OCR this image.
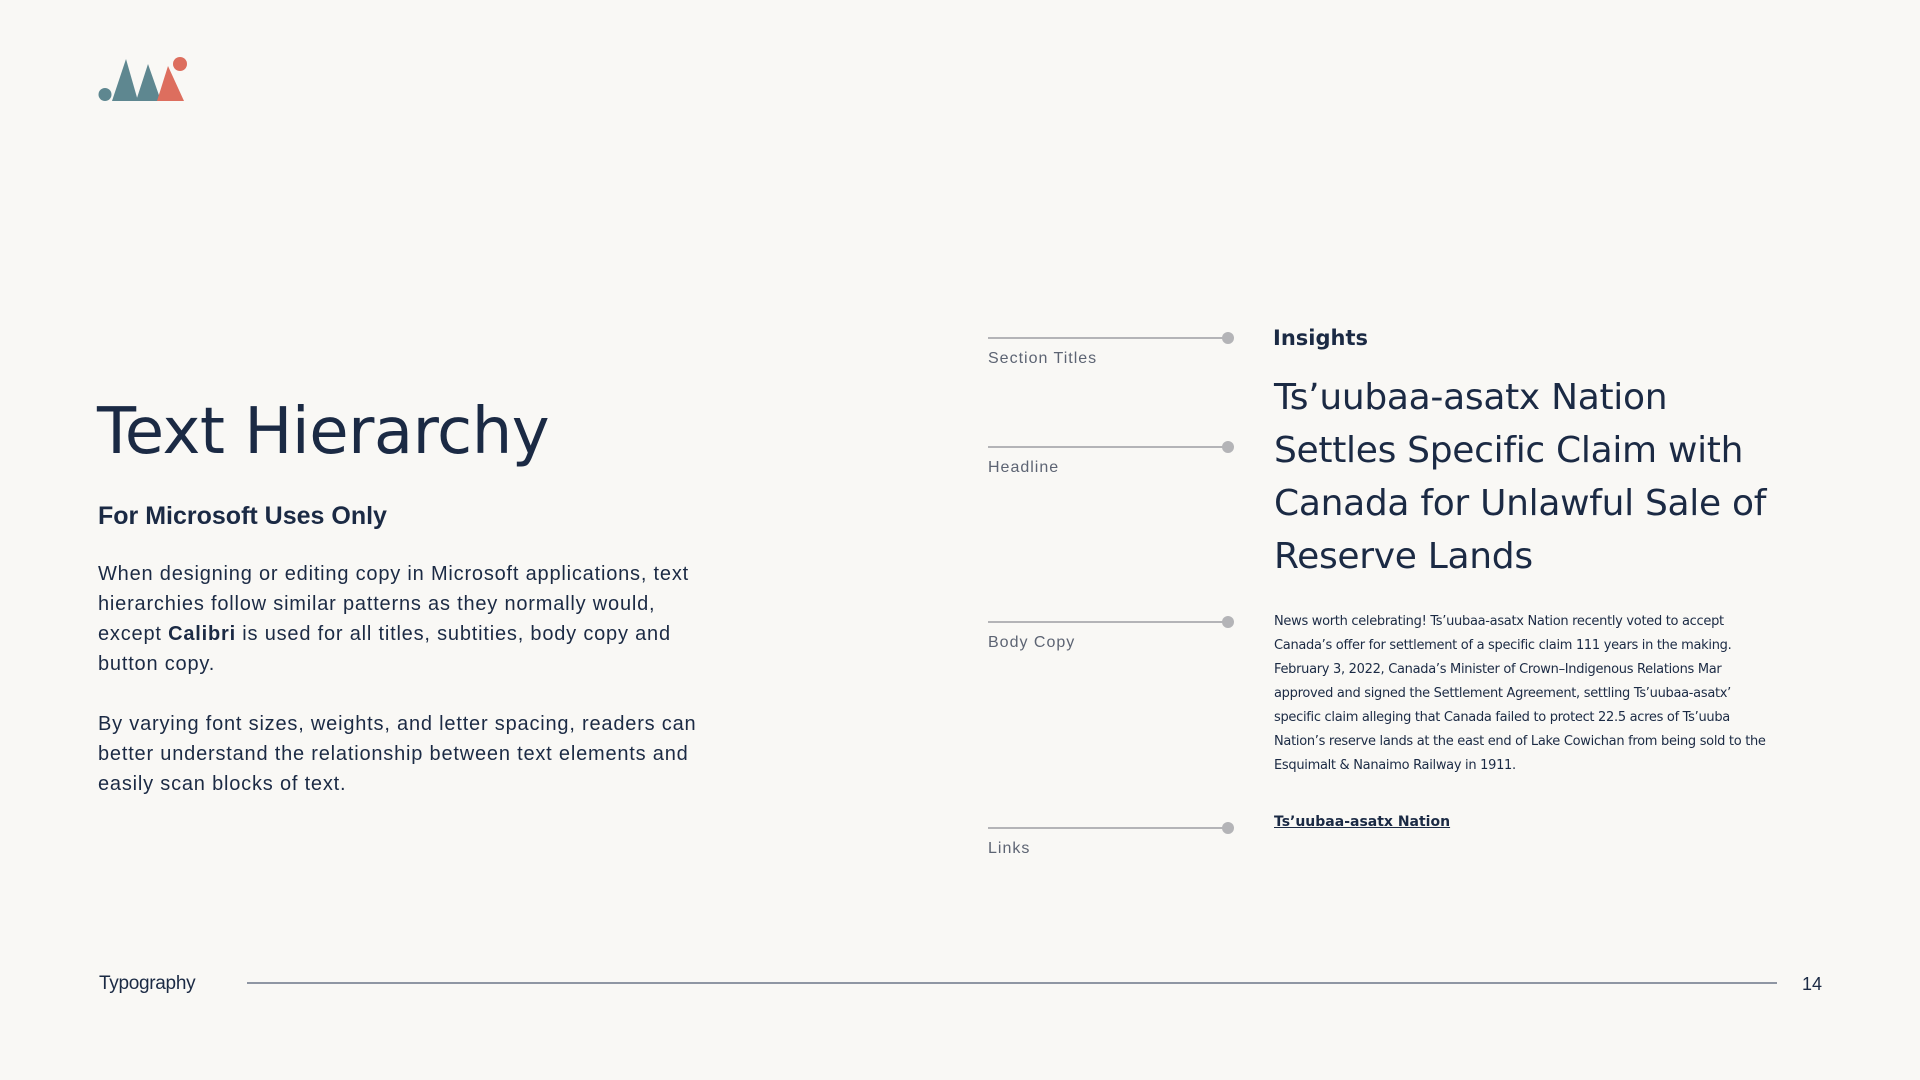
Text Hierarchy
For Microsoft Uses Only

When designing or editing copy in Microsoft applications, text hierarchies follow similar patterns as they normally would, except Calibri is used for all titles, subtities, body copy and button copy.

By varying font sizes, weights, and letter spacing, readers can better understand the relationship between text elements and easily scan blocks of text.

Section Titles
Headline
Body Copy
Links
Insights
Ts’uubaa-asatx Nation Settles Specific Claim with Canada for Unlawful Sale of Reserve Lands
News worth celebrating! Ts’uubaa-asatx Nation recently voted to accept Canada’s offer for settlement of a specific claim 111 years in the making. February 3, 2022, Canada’s Minister of Crown–Indigenous Relations Mar approved and signed the Settlement Agreement, settling Ts’uubaa-asatx’ specific claim alleging that Canada failed to protect 22.5 acres of Ts’uuba Nation’s reserve lands at the east end of Lake Cowichan from being sold to the Esquimalt & Nanaimo Railway in 1911.
Ts’uubaa-asatx Nation
Typography	14
